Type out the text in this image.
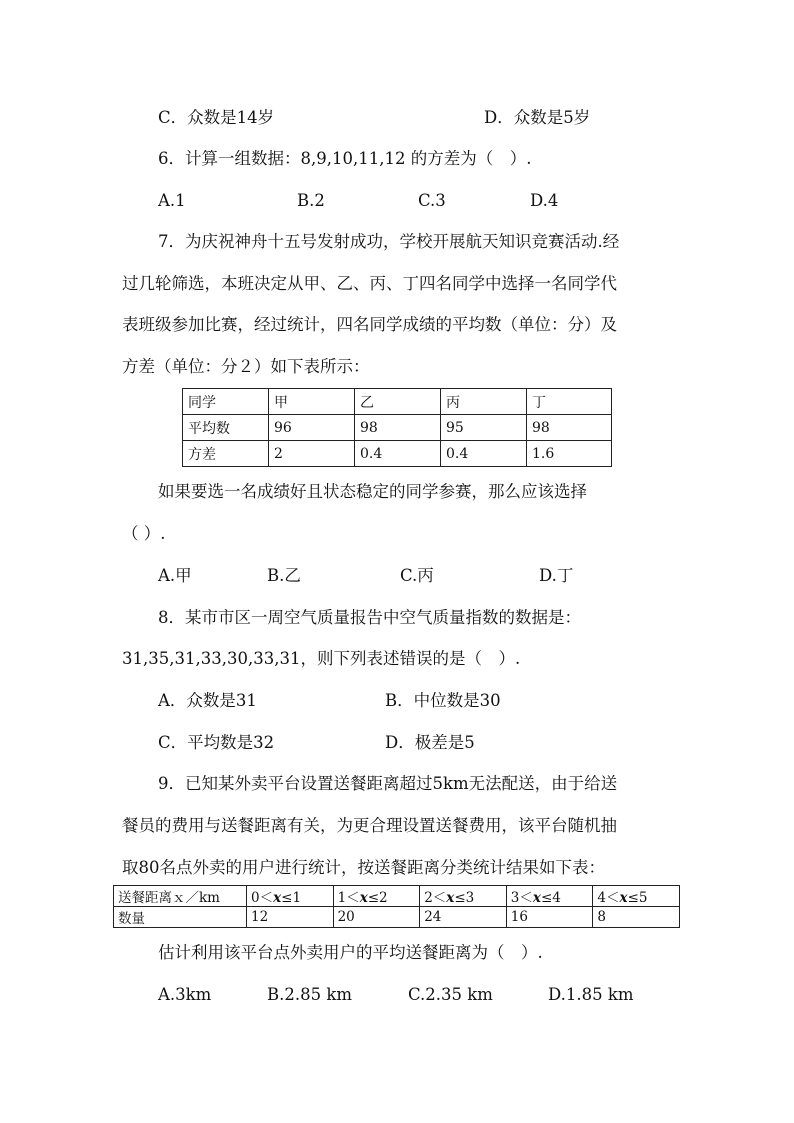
C．众数是14岁	D．众数是5岁
6．计算一组数据：8,9,10,11,12 的方差为（　）.
A.1	B.2	C.3	D.4
7．为庆祝神舟十五号发射成功，学校开展航天知识竞赛活动.经
过几轮筛选，本班决定从甲、乙、丙、丁四名同学中选择一名同学代
表班级参加比赛，经过统计，四名同学成绩的平均数（单位：分）及
方差（单位：分２）如下表所示：
同学	甲	乙	丙	丁
平均数	96	98	95	98
方差	2	0.4	0.4	1.6
如果要选一名成绩好且状态稳定的同学参赛，那么应该选择
（ ）.
A.甲	B.乙	C.丙	D.丁
8．某市市区一周空气质量报告中空气质量指数的数据是：
31,35,31,33,30,33,31，则下列表述错误的是（　）.
A．众数是31	B．中位数是30
C．平均数是32	D．极差是5
9．已知某外卖平台设置送餐距离超过5km无法配送，由于给送
餐员的费用与送餐距离有关，为更合理设置送餐费用，该平台随机抽
取80名点外卖的用户进行统计，按送餐距离分类统计结果如下表：
送餐距离ｘ／km	0＜x≤1	1＜x≤2	2＜x≤3	3＜x≤4	4＜x≤5
数量	12	20	24	16	8
估计利用该平台点外卖用户的平均送餐距离为（　）.
A.3km	B.2.85 km	C.2.35 km	D.1.85 km
